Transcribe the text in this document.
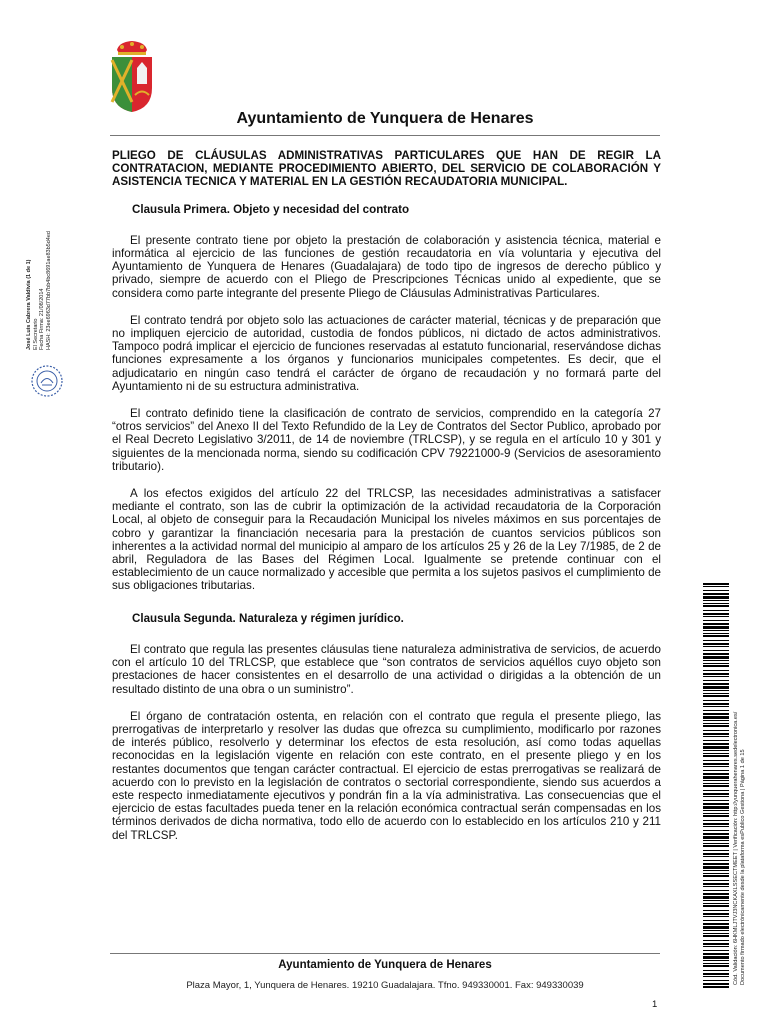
Ayuntamiento de Yunquera de Henares
José Luis Cabrera Valdivia (1 de 1) El Secretario Fecha Firma: 21/08/2014 HASH: 23ee6963d77bb7bb4bc8691ae83b5d4ed
PLIEGO DE CLÁUSULAS ADMINISTRATIVAS PARTICULARES QUE HAN DE REGIR LA CONTRATACION, MEDIANTE PROCEDIMIENTO ABIERTO, DEL SERVICIO DE COLABORACIÓN Y ASISTENCIA TECNICA Y MATERIAL EN LA GESTIÓN RECAUDATORIA MUNICIPAL.
Clausula Primera. Objeto y necesidad del contrato

El presente contrato tiene por objeto la prestación de colaboración y asistencia técnica, material e informática al ejercicio de las funciones de gestión recaudatoria en vía voluntaria y ejecutiva del Ayuntamiento de Yunquera de Henares (Guadalajara) de todo tipo de ingresos de derecho público y privado, siempre de acuerdo con el Pliego de Prescripciones Técnicas unido al expediente, que se considera como parte integrante del presente Pliego de Cláusulas Administrativas Particulares.

El contrato tendrá por objeto solo las actuaciones de carácter material, técnicas y de preparación que no impliquen ejercicio de autoridad, custodia de fondos públicos, ni dictado de actos administrativos. Tampoco podrá implicar el ejercicio de funciones reservadas al estatuto funcionarial, reservándose dichas funciones expresamente a los órganos y funcionarios municipales competentes. Es decir, que el adjudicatario en ningún caso tendrá el carácter de órgano de recaudación y no formará parte del Ayuntamiento ni de su estructura administrativa.

El contrato definido tiene la clasificación de contrato de servicios, comprendido en la categoría 27 “otros servicios” del Anexo II del Texto Refundido de la Ley de Contratos del Sector Publico, aprobado por el Real Decreto Legislativo 3/2011, de 14 de noviembre (TRLCSP), y se regula en el artículo 10 y 301 y siguientes de la mencionada norma, siendo su codificación CPV 79221000-9 (Servicios de asesoramiento tributario).

A los efectos exigidos del artículo 22 del TRLCSP, las necesidades administrativas a satisfacer mediante el contrato, son las de cubrir la optimización de la actividad recaudatoria de la Corporación Local, al objeto de conseguir para la Recaudación Municipal los niveles máximos en sus porcentajes de cobro y garantizar la financiación necesaria para la prestación de cuantos servicios públicos son inherentes a la actividad normal del municipio al amparo de los artículos 25 y 26 de la Ley 7/1985, de 2 de abril, Reguladora de las Bases del Régimen Local. Igualmente se pretende continuar con el establecimiento de un cauce normalizado y accesible que permita a los sujetos pasivos el cumplimiento de sus obligaciones tributarias.

Clausula Segunda. Naturaleza y régimen jurídico.

El contrato que regula las presentes cláusulas tiene naturaleza administrativa de servicios, de acuerdo con el artículo 10 del TRLCSP, que establece que “son contratos de servicios aquéllos cuyo objeto son prestaciones de hacer consistentes en el desarrollo de una actividad o dirigidas a la obtención de un resultado distinto de una obra o un suministro”.

El órgano de contratación ostenta, en relación con el contrato que regula el presente pliego, las prerrogativas de interpretarlo y resolver las dudas que ofrezca su cumplimiento, modificarlo por razones de interés público, resolverlo y determinar los efectos de esta resolución, así como todas aquellas reconocidas en la legislación vigente en relación con este contrato, en el presente pliego y en los restantes documentos que tengan carácter contractual. El ejercicio de estas prerrogativas se realizará de acuerdo con lo previsto en la legislación de contratos o sectorial correspondiente, siendo sus acuerdos a este respecto inmediatamente ejecutivos y pondrán fin a la vía administrativa. Las consecuencias que el ejercicio de estas facultades pueda tener en la relación económica contractual serán compensadas en los términos derivados de dicha normativa, todo ello de acuerdo con lo establecido en los artículos 210 y 211 del TRLCSP.	Cód. Validación: 6HKMLJTVJ3NCKAXLSSECTMEET | Verificación: http://yunquerahenares.sedelectronica.es/ Documento firmado electrónicamente desde la plataforma esPublico Gestiona | Página 1 de 15
Ayuntamiento de Yunquera de Henares
Plaza Mayor, 1, Yunquera de Henares. 19210 Guadalajara. Tfno. 949330001. Fax: 949330039
1
